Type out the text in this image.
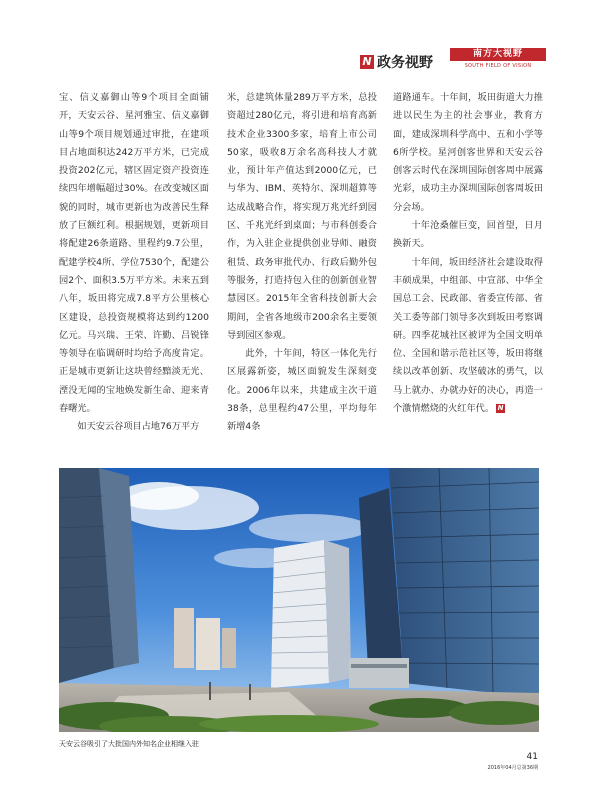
N 政务视野
南方大视野
SOUTH FIELD OF VISION

宝、信义嘉御山等9个项目全面铺开，天安云谷、星河雅宝、信义嘉御山等9个项目规划通过审批，在建项目占地面积达242万平方米，已完成投资202亿元，辖区固定资产投资连续四年增幅超过30%。在改变城区面貌的同时，城市更新也为改善民生释放了巨额红利。根据规划，更新项目将配建26条道路、里程约9.7公里，配建学校4所、学位7530个，配建公园2个、面积3.5万平方米。未来五到八年，坂田将完成7.8平方公里核心区建设，总投资规模将达到约1200亿元。马兴瑞、王荣、许勤、吕锐锋等领导在临调研时均给予高度肯定。正是城市更新让这块曾经黯淡无光、湮没无闻的宝地焕发新生命、迎来青春曙光。

如天安云谷项目占地76万平方

米，总建筑体量289万平方米，总投资超过280亿元，将引进和培育高新技术企业3300多家，培育上市公司50家，吸收8万余名高科技人才就业，预计年产值达到2000亿元，已与华为、IBM、英特尔、深圳超算等达成战略合作，将实现万兆光纤到园区、千兆光纤到桌面；与市科创委合作，为入驻企业提供创业导师、融资租赁、政务审批代办、行政后勤外包等服务，打造持包入住的创新创业智慧园区。2015年全省科技创新大会期间，全省各地级市200余名主要领导到园区参观。

此外，十年间，特区一体化先行区展露新姿，城区面貌发生深刻变化。2006年以来，共建成主次干道38条，总里程约47公里，平均每年新增4条

道路通车。十年间，坂田街道大力推进以民生为主的社会事业，教育方面，建成深圳科学高中、五和小学等6所学校。星河创客世界和天安云谷创客云时代在深圳国际创客周中展露光彩，成功主办深圳国际创客周坂田分会场。

十年沧桑催巨变，回首望，日月换新天。

十年间，坂田经济社会建设取得丰硕成果，中组部、中宣部、中华全国总工会、民政部、省委宣传部、省关工委等部门领导多次到坂田考察调研。四季花城社区被评为全国文明单位、全国和谐示范社区等，坂田将继续以改革创新、攻坚破冰的勇气，以马上就办、办就办好的决心，再造一个激情燃烧的火红年代。 N

天安云谷吸引了大批国内外知名企业相继入驻
41
2016年04月总第36期
